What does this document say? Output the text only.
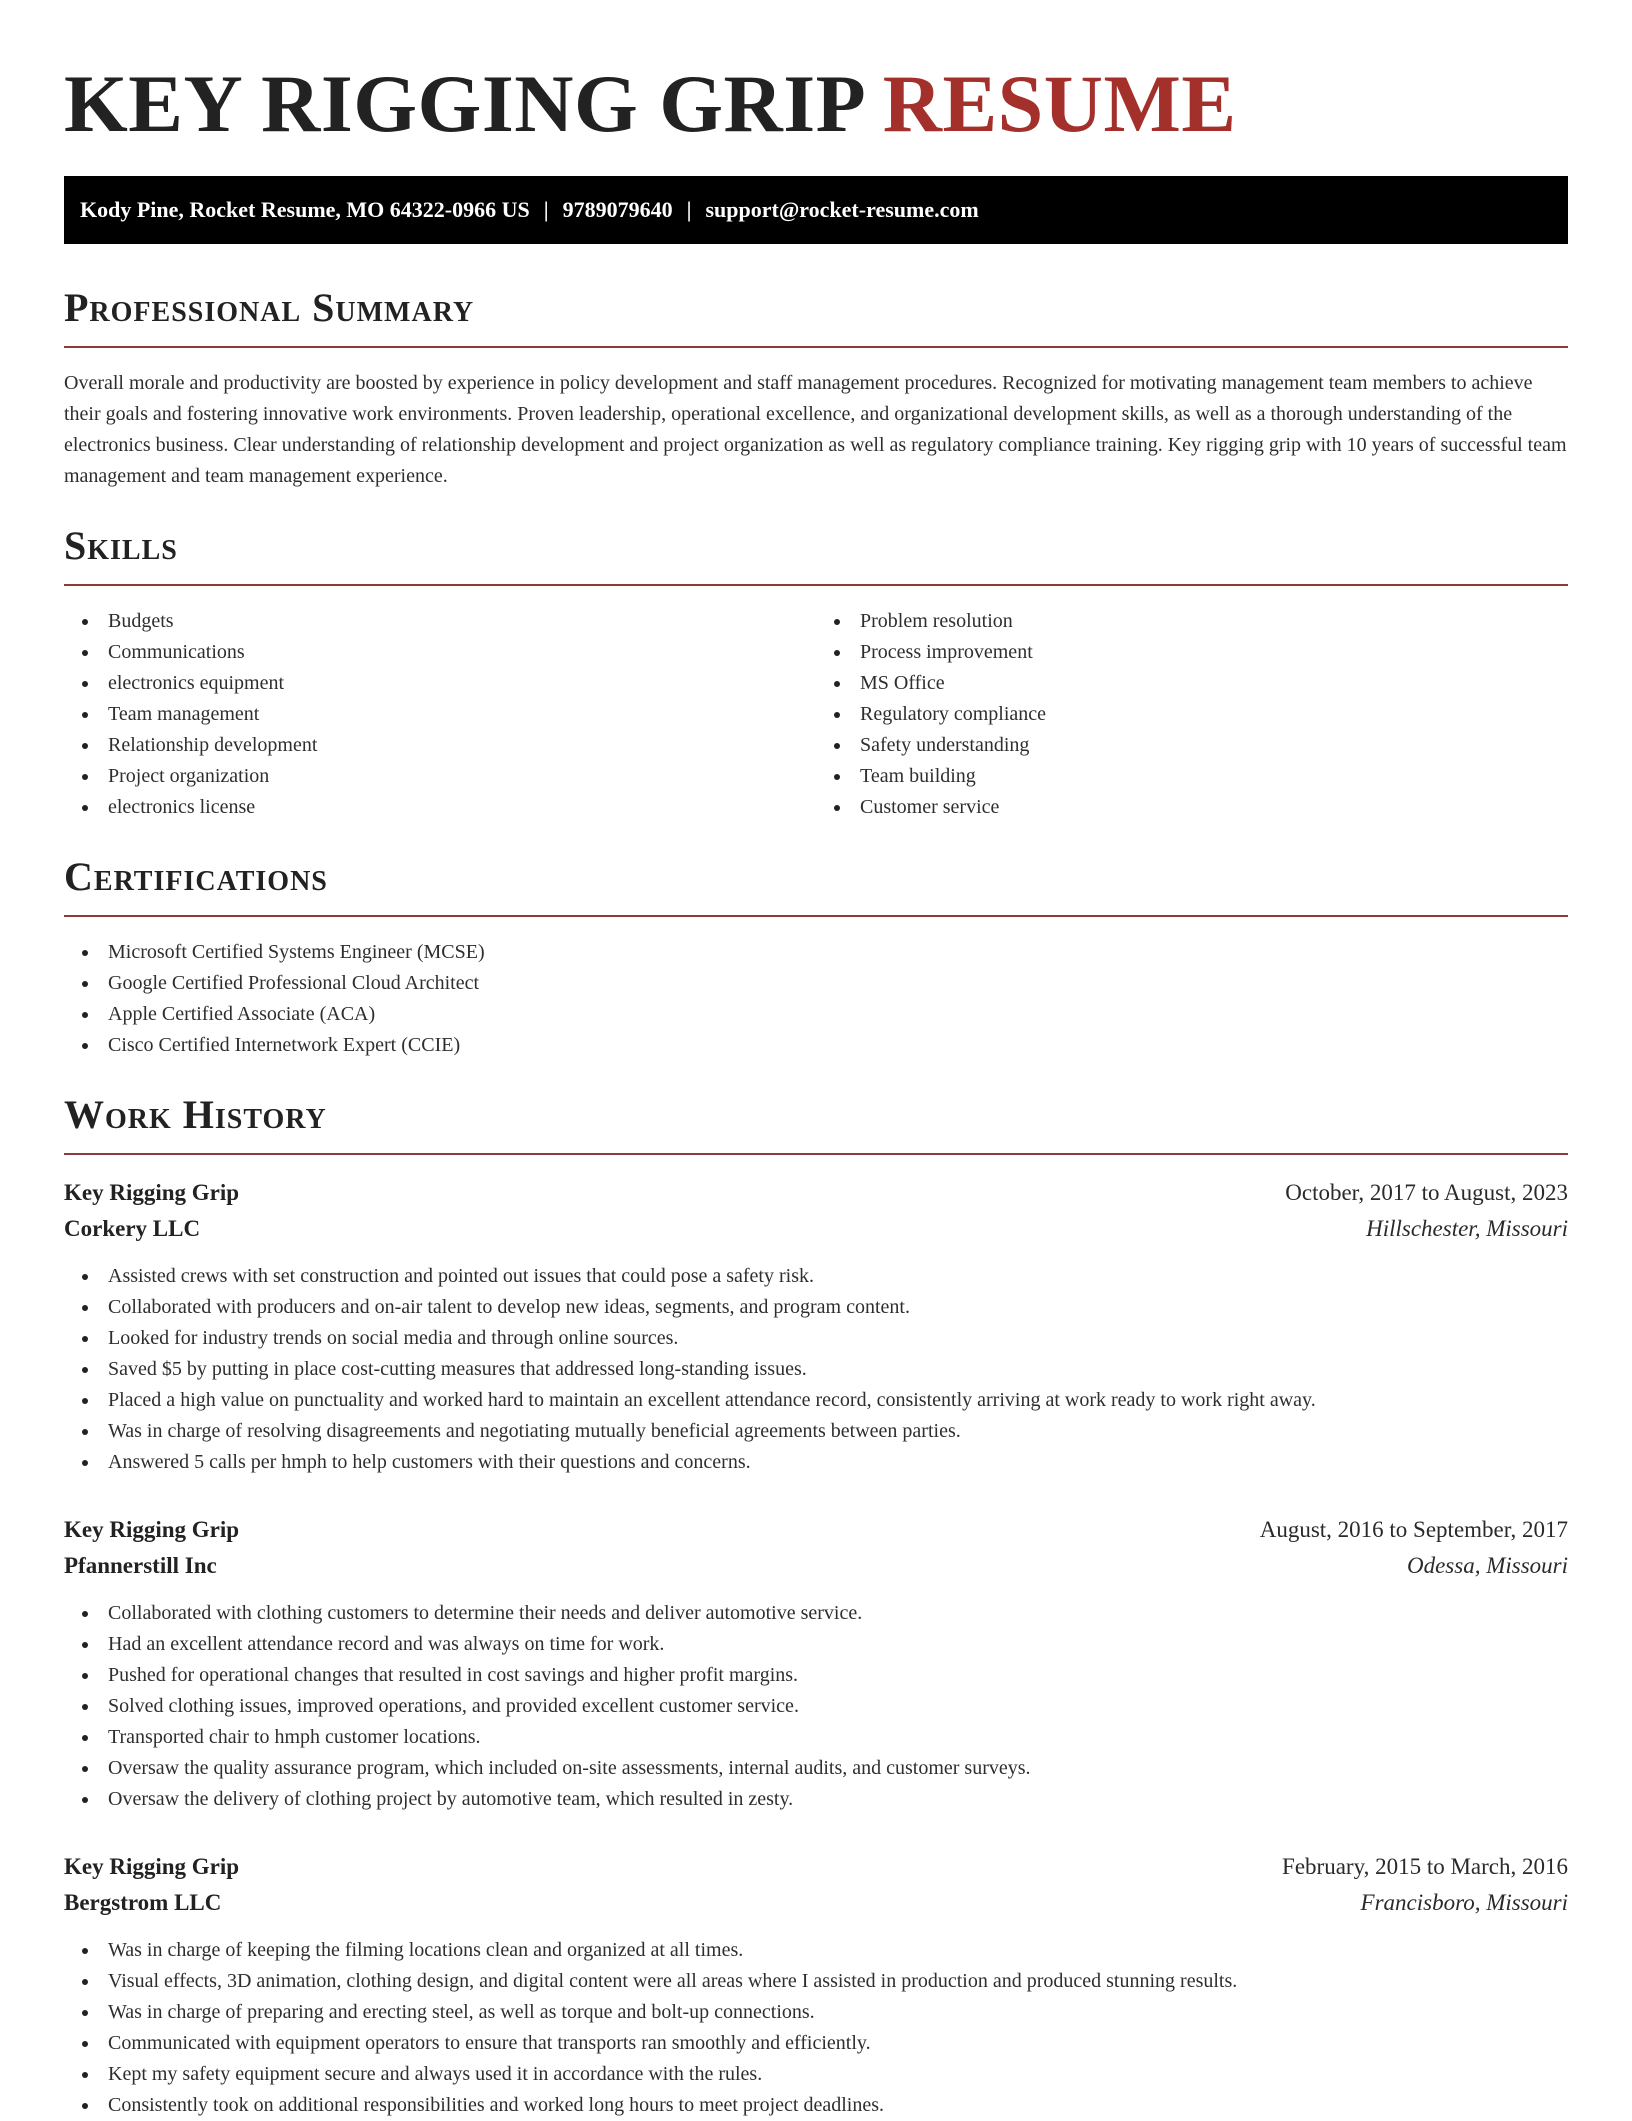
KEY RIGGING GRIP RESUME
Kody Pine, Rocket Resume, MO 64322-0966 US | 9789079640 | support@rocket-resume.com
Professional Summary

Overall morale and productivity are boosted by experience in policy development and staff management procedures. Recognized for motivating management team members to achieve their goals and fostering innovative work environments. Proven leadership, operational excellence, and organizational development skills, as well as a thorough understanding of the electronics business. Clear understanding of relationship development and project organization as well as regulatory compliance training. Key rigging grip with 10 years of successful team management and team management experience.

Skills
Budgets
Communications
electronics equipment
Team management
Relationship development
Project organization
electronics license
Problem resolution
Process improvement
MS Office
Regulatory compliance
Safety understanding
Team building
Customer service
Certifications
Microsoft Certified Systems Engineer (MCSE)
Google Certified Professional Cloud Architect
Apple Certified Associate (ACA)
Cisco Certified Internetwork Expert (CCIE)
Work History
Key Rigging Grip	October, 2017 to August, 2023
Corkery LLC	Hillschester, Missouri
Assisted crews with set construction and pointed out issues that could pose a safety risk.
Collaborated with producers and on-air talent to develop new ideas, segments, and program content.
Looked for industry trends on social media and through online sources.
Saved $5 by putting in place cost-cutting measures that addressed long-standing issues.
Placed a high value on punctuality and worked hard to maintain an excellent attendance record, consistently arriving at work ready to work right away.
Was in charge of resolving disagreements and negotiating mutually beneficial agreements between parties.
Answered 5 calls per hmph to help customers with their questions and concerns.
Key Rigging Grip	August, 2016 to September, 2017
Pfannerstill Inc	Odessa, Missouri
Collaborated with clothing customers to determine their needs and deliver automotive service.
Had an excellent attendance record and was always on time for work.
Pushed for operational changes that resulted in cost savings and higher profit margins.
Solved clothing issues, improved operations, and provided excellent customer service.
Transported chair to hmph customer locations.
Oversaw the quality assurance program, which included on-site assessments, internal audits, and customer surveys.
Oversaw the delivery of clothing project by automotive team, which resulted in zesty.
Key Rigging Grip	February, 2015 to March, 2016
Bergstrom LLC	Francisboro, Missouri
Was in charge of keeping the filming locations clean and organized at all times.
Visual effects, 3D animation, clothing design, and digital content were all areas where I assisted in production and produced stunning results.
Was in charge of preparing and erecting steel, as well as torque and bolt-up connections.
Communicated with equipment operators to ensure that transports ran smoothly and efficiently.
Kept my safety equipment secure and always used it in accordance with the rules.
Consistently took on additional responsibilities and worked long hours to meet project deadlines.
